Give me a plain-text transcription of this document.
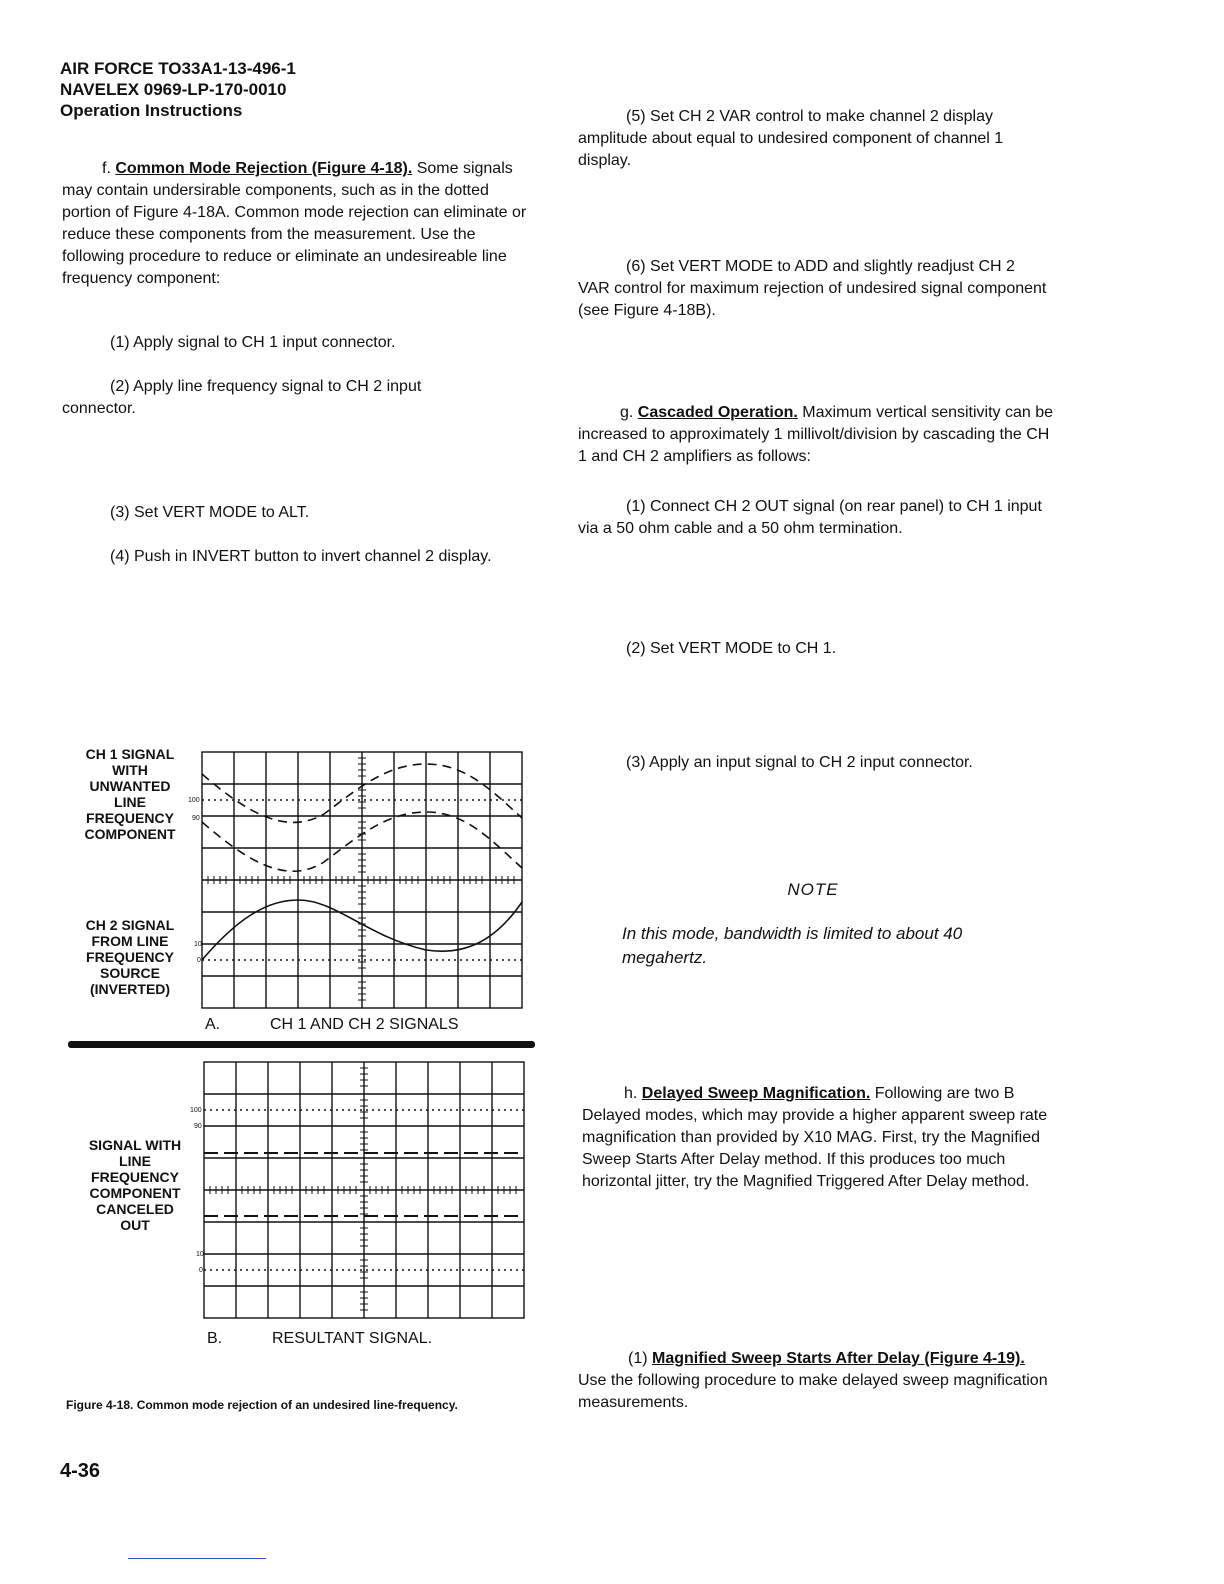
AIR FORCE TO33A1-13-496-1
NAVELEX 0969-LP-170-0010
Operation Instructions
f. Common Mode Rejection (Figure 4-18). Some signals may contain undersirable components, such as in the dotted portion of Figure 4-18A. Common mode rejection can eliminate or reduce these components from the measurement. Use the following procedure to reduce or eliminate an undesireable line frequency component:
(1) Apply signal to CH 1 input connector.
(2) Apply line frequency signal to CH 2 input connector.
(3) Set VERT MODE to ALT.
(4) Push in INVERT button to invert channel 2 display.
(5) Set CH 2 VAR control to make channel 2 display amplitude about equal to undesired component of channel 1 display.
(6) Set VERT MODE to ADD and slightly readjust CH 2 VAR control for maximum rejection of undesired signal component (see Figure 4-18B).
g. Cascaded Operation. Maximum vertical sensitivity can be increased to approximately 1 millivolt/division by cascading the CH 1 and CH 2 amplifiers as follows:
(1) Connect CH 2 OUT signal (on rear panel) to CH 1 input via a 50 ohm cable and a 50 ohm termination.
(2) Set VERT MODE to CH 1.
(3) Apply an input signal to CH 2 input connector.
NOTE
In this mode, bandwidth is limited to about 40 megahertz.
h. Delayed Sweep Magnification. Following are two B Delayed modes, which may provide a higher apparent sweep rate magnification than provided by X10 MAG. First, try the Magnified Sweep Starts After Delay method. If this produces too much horizontal jitter, try the Magnified Triggered After Delay method.
(1) Magnified Sweep Starts After Delay (Figure 4-19). Use the following procedure to make delayed sweep magnification measurements.
CH 1 SIGNAL
WITH
UNWANTED
LINE
FREQUENCY
COMPONENT
CH 2 SIGNAL
FROM LINE
FREQUENCY
SOURCE
(INVERTED)
100
90
10
0
A.	CH 1 AND CH 2 SIGNALS
SIGNAL WITH
LINE
FREQUENCY
COMPONENT
CANCELED
OUT
100
90
10
0
B.	RESULTANT SIGNAL.
Figure 4-18. Common mode rejection of an undesired line-frequency.
4-36
